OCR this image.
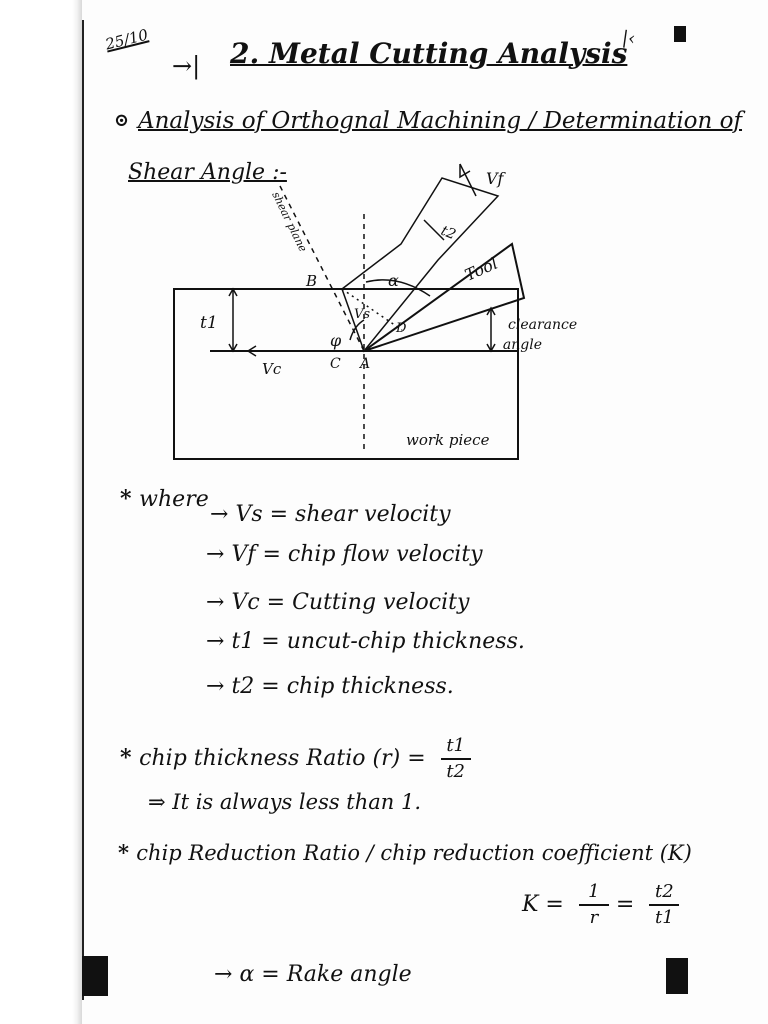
25/10
→| 2. Metal Cutting Analysis
|‹
⊙ Analysis of Orthognal Machining / Determination of
Shear Angle :-	Vf
t2
shear plane
B	α	Tool
t1	Vs
φ
C A
D
Vc
clearance
angle
work piece
* where
→ Vs = shear velocity
→ Vf = chip flow velocity
→ Vc = Cutting velocity
→ t1 = uncut-chip thickness.
→ t2 = chip thickness.
* chip thickness Ratio $(r) = \frac{t1}{t2}$
⇒ It is always less than 1.
* chip Reduction Ratio / chip reduction coefficient (K)
$K = \frac{1}{r} = \frac{t2}{t1}$
→ α = Rake angle
